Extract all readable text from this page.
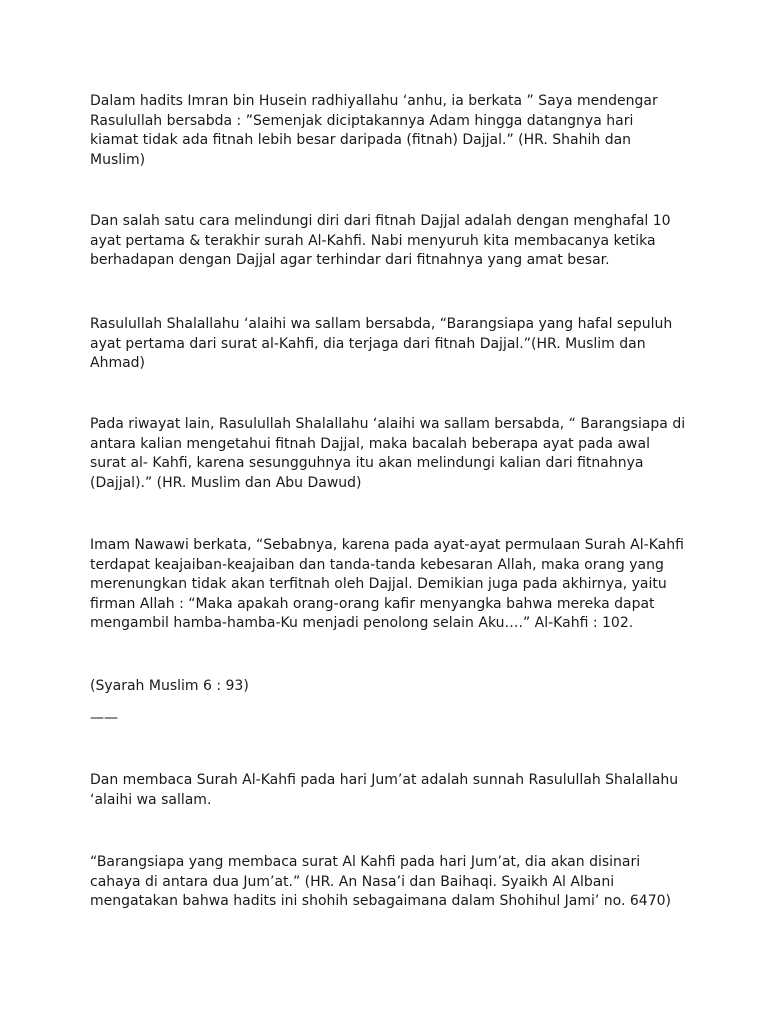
Dalam hadits Imran bin Husein radhiyallahu ‘anhu, ia berkata ” Saya mendengar
Rasulullah bersabda : ”Semenjak diciptakannya Adam hingga datangnya hari
kiamat tidak ada fitnah lebih besar daripada (fitnah) Dajjal.” (HR. Shahih dan
Muslim)

Dan salah satu cara melindungi diri dari fitnah Dajjal adalah dengan menghafal 10
ayat pertama & terakhir surah Al-Kahfi. Nabi menyuruh kita membacanya ketika
berhadapan dengan Dajjal agar terhindar dari fitnahnya yang amat besar.

Rasulullah Shalallahu ‘alaihi wa sallam bersabda, “Barangsiapa yang hafal sepuluh
ayat pertama dari surat al-Kahfi, dia terjaga dari fitnah Dajjal.”(HR. Muslim dan
Ahmad)

Pada riwayat lain, Rasulullah Shalallahu ‘alaihi wa sallam bersabda, “ Barangsiapa di
antara kalian mengetahui fitnah Dajjal, maka bacalah beberapa ayat pada awal
surat al- Kahfi, karena sesungguhnya itu akan melindungi kalian dari fitnahnya
(Dajjal).” (HR. Muslim dan Abu Dawud)

Imam Nawawi berkata, “Sebabnya, karena pada ayat-ayat permulaan Surah Al-Kahfi
terdapat keajaiban-keajaiban dan tanda-tanda kebesaran Allah, maka orang yang
merenungkan tidak akan terfitnah oleh Dajjal. Demikian juga pada akhirnya, yaitu
firman Allah : “Maka apakah orang-orang kafir menyangka bahwa mereka dapat
mengambil hamba-hamba-Ku menjadi penolong selain Aku….” Al-Kahfi : 102.

(Syarah Muslim 6 : 93)

——

Dan membaca Surah Al-Kahfi pada hari Jum’at adalah sunnah Rasulullah Shalallahu
‘alaihi wa sallam.

“Barangsiapa yang membaca surat Al Kahfi pada hari Jum’at, dia akan disinari
cahaya di antara dua Jum’at.” (HR. An Nasa’i dan Baihaqi. Syaikh Al Albani
mengatakan bahwa hadits ini shohih sebagaimana dalam Shohihul Jami’ no. 6470)
